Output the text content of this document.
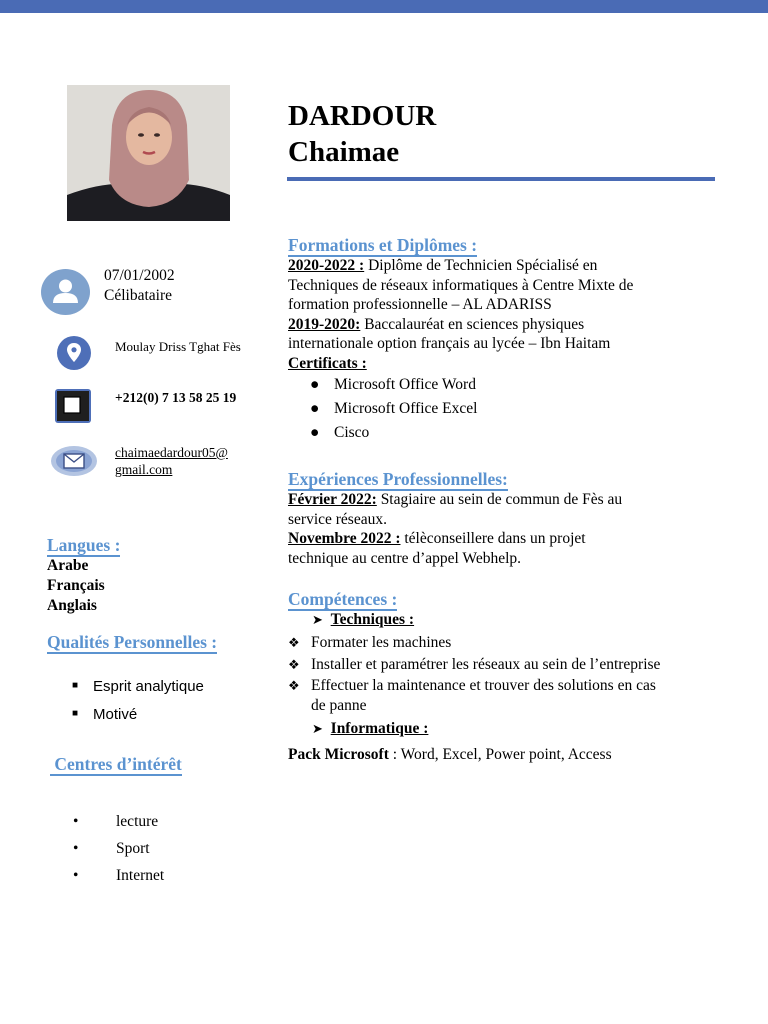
DARDOUR
Chaimae
07/01/2002
Célibataire
Moulay Driss Tghat Fès
+212(0) 7 13 58 25 19
chaimaedardour05@
gmail.com
Langues :
Arabe
Français
Anglais
Qualités Personnelles :
■ Esprit analytique
■ Motivé
Centres d’intérêt
• lecture
• Sport
• Internet
Formations et Diplômes :
2020-2022 : Diplôme de Technicien Spécialisé en
Techniques de réseaux informatiques à Centre Mixte de
formation professionnelle – AL ADARISS
2019-2020: Baccalauréat en sciences physiques
internationale option français au lycée – Ibn Haitam
Certificats :
● Microsoft Office Word
● Microsoft Office Excel
● Cisco
Expériences Professionnelles:
Février 2022: Stagiaire au sein de commun de Fès au
service réseaux.
Novembre 2022 : télèconseillere dans un projet
technique au centre d’appel Webhelp.
Compétences :
➤ Techniques :
❖ Formater les machines
❖ Installer et paramétrer les réseaux au sein de l’entreprise
❖ Effectuer la maintenance et trouver des solutions en cas
de panne
➤ Informatique :
Pack Microsoft : Word, Excel, Power point, Access
